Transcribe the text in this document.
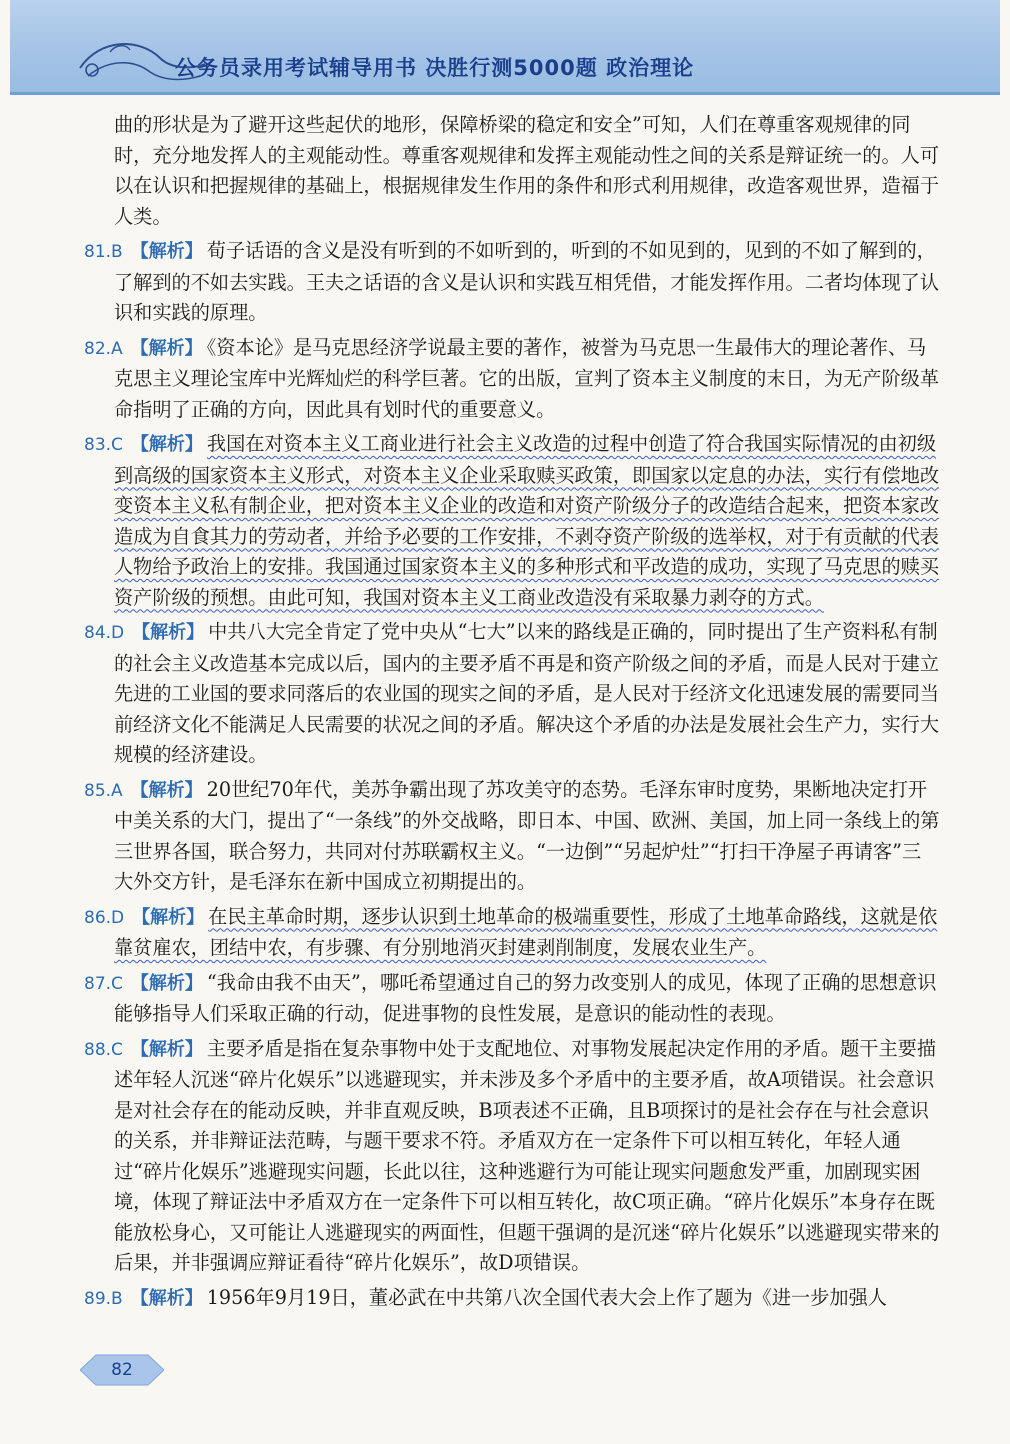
公务员录用考试辅导用书 决胜行测5000题 政治理论

曲的形状是为了避开这些起伏的地形，保障桥梁的稳定和安全”可知，人们在尊重客观规律的同时，充分地发挥人的主观能动性。尊重客观规律和发挥主观能动性之间的关系是辩证统一的。人可以在认识和把握规律的基础上，根据规律发生作用的条件和形式利用规律，改造客观世界，造福于人类。

81.B 【解析】 荀子话语的含义是没有听到的不如听到的，听到的不如见到的，见到的不如了解到的，了解到的不如去实践。王夫之话语的含义是认识和实践互相凭借，才能发挥作用。二者均体现了认识和实践的原理。

82.A 【解析】 《资本论》是马克思经济学说最主要的著作，被誉为马克思一生最伟大的理论著作、马克思主义理论宝库中光辉灿烂的科学巨著。它的出版，宣判了资本主义制度的末日，为无产阶级革命指明了正确的方向，因此具有划时代的重要意义。

83.C 【解析】 我国在对资本主义工商业进行社会主义改造的过程中创造了符合我国实际情况的由初级到高级的国家资本主义形式，对资本主义企业采取赎买政策，即国家以定息的办法，实行有偿地改变资本主义私有制企业，把对资本主义企业的改造和对资产阶级分子的改造结合起来，把资本家改造成为自食其力的劳动者，并给予必要的工作安排，不剥夺资产阶级的选举权，对于有贡献的代表人物给予政治上的安排。我国通过国家资本主义的多种形式和平改造的成功，实现了马克思的赎买资产阶级的预想。由此可知，我国对资本主义工商业改造没有采取暴力剥夺的方式。

84.D 【解析】 中共八大完全肯定了党中央从“七大”以来的路线是正确的，同时提出了生产资料私有制的社会主义改造基本完成以后，国内的主要矛盾不再是和资产阶级之间的矛盾，而是人民对于建立先进的工业国的要求同落后的农业国的现实之间的矛盾，是人民对于经济文化迅速发展的需要同当前经济文化不能满足人民需要的状况之间的矛盾。解决这个矛盾的办法是发展社会生产力，实行大规模的经济建设。

85.A 【解析】 20世纪70年代，美苏争霸出现了苏攻美守的态势。毛泽东审时度势，果断地决定打开中美关系的大门，提出了“一条线”的外交战略，即日本、中国、欧洲、美国，加上同一条线上的第三世界各国，联合努力，共同对付苏联霸权主义。“一边倒”“另起炉灶”“打扫干净屋子再请客”三大外交方针，是毛泽东在新中国成立初期提出的。

86.D 【解析】 在民主革命时期，逐步认识到土地革命的极端重要性，形成了土地革命路线，这就是依靠贫雇农，团结中农，有步骤、有分别地消灭封建剥削制度，发展农业生产。

87.C 【解析】 “我命由我不由天”，哪吒希望通过自己的努力改变别人的成见，体现了正确的思想意识能够指导人们采取正确的行动，促进事物的良性发展，是意识的能动性的表现。

88.C 【解析】 主要矛盾是指在复杂事物中处于支配地位、对事物发展起决定作用的矛盾。题干主要描述年轻人沉迷“碎片化娱乐”以逃避现实，并未涉及多个矛盾中的主要矛盾，故A项错误。社会意识是对社会存在的能动反映，并非直观反映，B项表述不正确，且B项探讨的是社会存在与社会意识的关系，并非辩证法范畴，与题干要求不符。矛盾双方在一定条件下可以相互转化，年轻人通过“碎片化娱乐”逃避现实问题，长此以往，这种逃避行为可能让现实问题愈发严重，加剧现实困境，体现了辩证法中矛盾双方在一定条件下可以相互转化，故C项正确。“碎片化娱乐”本身存在既能放松身心，又可能让人逃避现实的两面性，但题干强调的是沉迷“碎片化娱乐”以逃避现实带来的后果，并非强调应辩证看待“碎片化娱乐”，故D项错误。

89.B 【解析】 1956年9月19日，董必武在中共第八次全国代表大会上作了题为《进一步加强人

82
